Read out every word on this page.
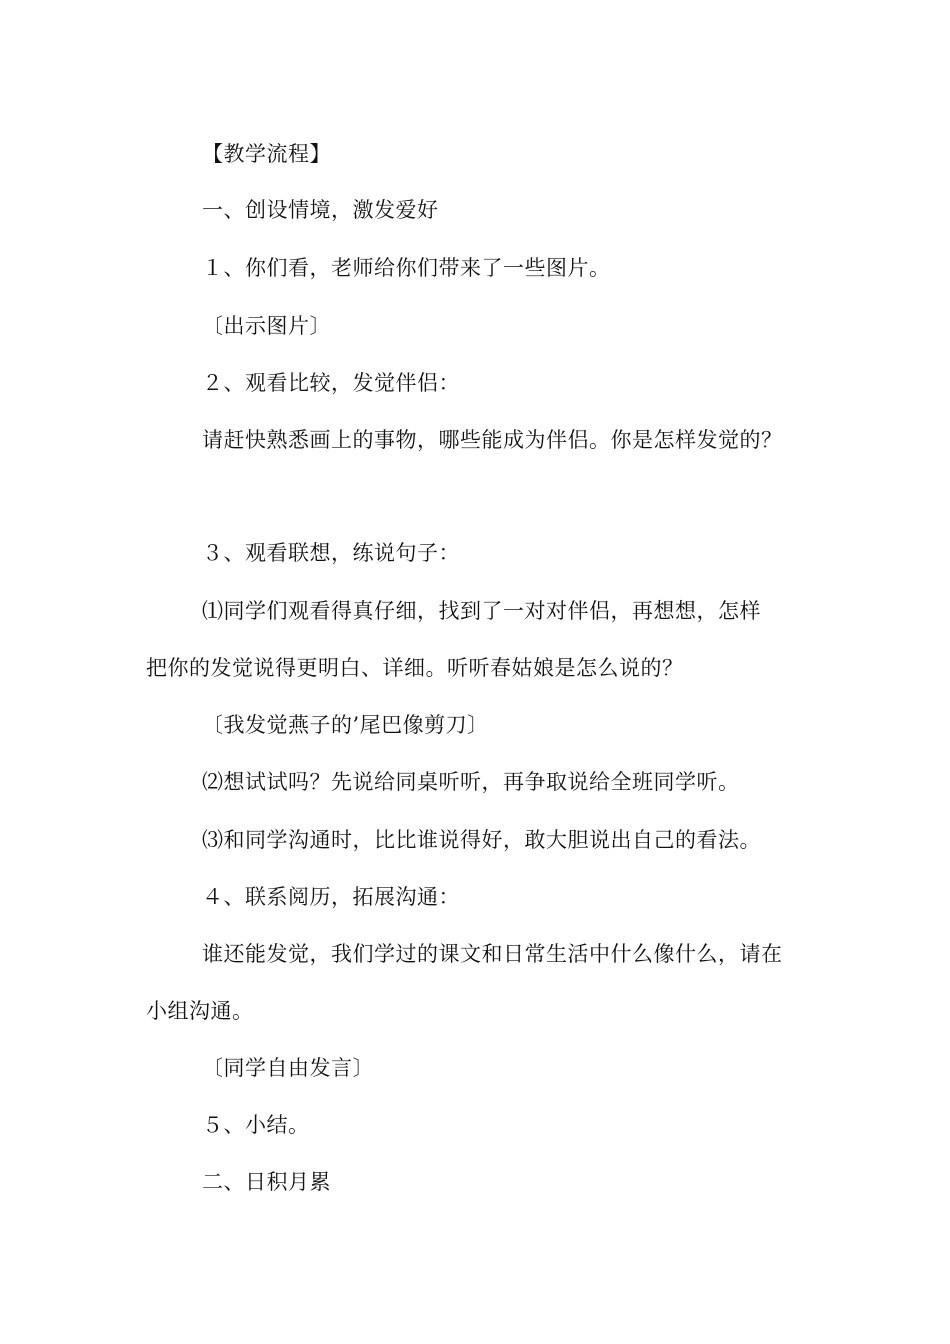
【教学流程】
一、创设情境，激发爱好
１、你们看，老师给你们带来了一些图片。
〔出示图片〕
２、观看比较，发觉伴侣：
请赶快熟悉画上的事物，哪些能成为伴侣。你是怎样发觉的？
３、观看联想，练说句子：
⑴同学们观看得真仔细，找到了一对对伴侣，再想想，怎样
把你的发觉说得更明白、详细。听听春姑娘是怎么说的？
〔我发觉燕子的’尾巴像剪刀〕
⑵想试试吗？先说给同桌听听，再争取说给全班同学听。
⑶和同学沟通时，比比谁说得好，敢大胆说出自己的看法。
４、联系阅历，拓展沟通：
谁还能发觉，我们学过的课文和日常生活中什么像什么，请在
小组沟通。
〔同学自由发言〕
５、小结。
二、日积月累
